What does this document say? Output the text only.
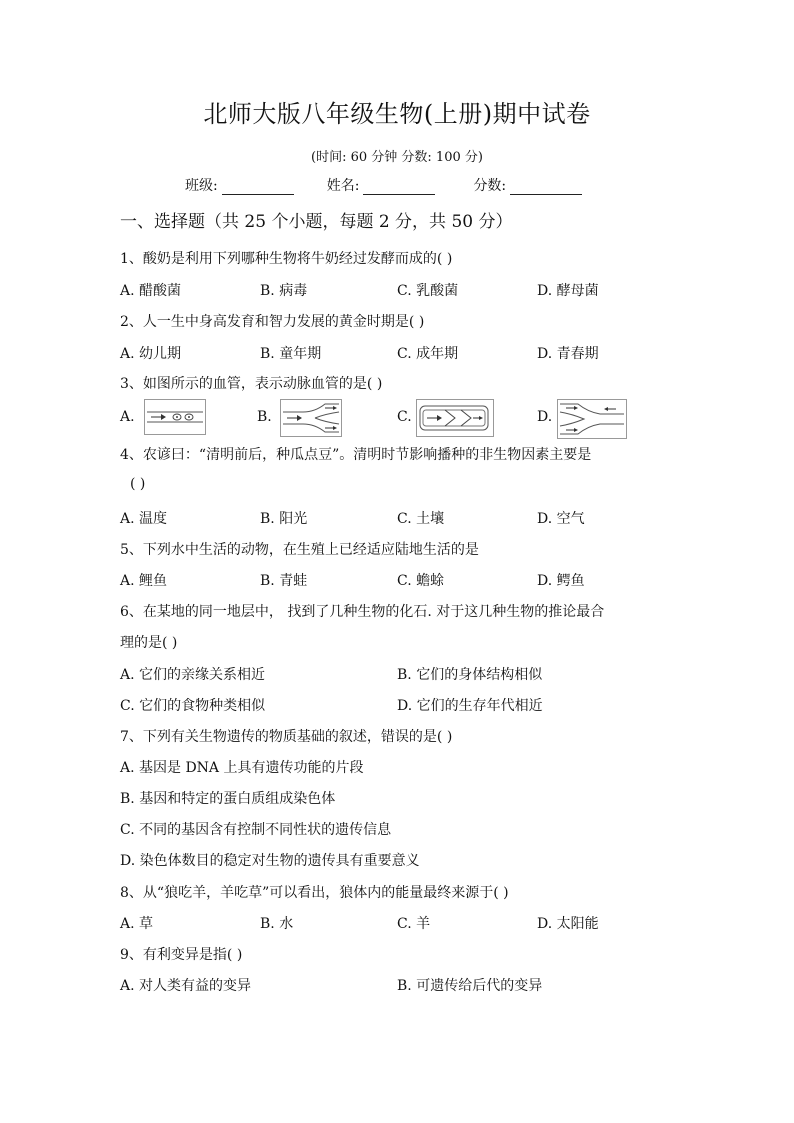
北师大版八年级生物(上册)期中试卷
(时间: 60 分钟 分数: 100 分)
班级:	姓名:	分数:
一、选择题（共 25 个小题，每题 2 分，共 50 分）
1、酸奶是利用下列哪种生物将牛奶经过发酵而成的( )
A. 醋酸菌	B. 病毒	C. 乳酸菌	D. 酵母菌
2、人一生中身高发育和智力发展的黄金时期是( )
A. 幼儿期	B. 童年期	C. 成年期	D. 青春期
3、如图所示的血管，表示动脉血管的是( )
A.	B.	C.	D.
4、农谚曰：“清明前后，种瓜点豆”。清明时节影响播种的非生物因素主要是
( )
A. 温度	B. 阳光	C. 土壤	D. 空气
5、下列水中生活的动物，在生殖上已经适应陆地生活的是
A. 鲤鱼	B. 青蛙	C. 蟾蜍	D. 鳄鱼
6、在某地的同一地层中， 找到了几种生物的化石. 对于这几种生物的推论最合
理的是( )
A. 它们的亲缘关系相近	B. 它们的身体结构相似
C. 它们的食物种类相似	D. 它们的生存年代相近
7、下列有关生物遗传的物质基础的叙述，错误的是( )
A. 基因是 DNA 上具有遗传功能的片段
B. 基因和特定的蛋白质组成染色体
C. 不同的基因含有控制不同性状的遗传信息
D. 染色体数目的稳定对生物的遗传具有重要意义
8、从“狼吃羊，羊吃草”可以看出，狼体内的能量最终来源于( )
A. 草	B. 水	C. 羊	D. 太阳能
9、有利变异是指( )
A. 对人类有益的变异	B. 可遗传给后代的变异
